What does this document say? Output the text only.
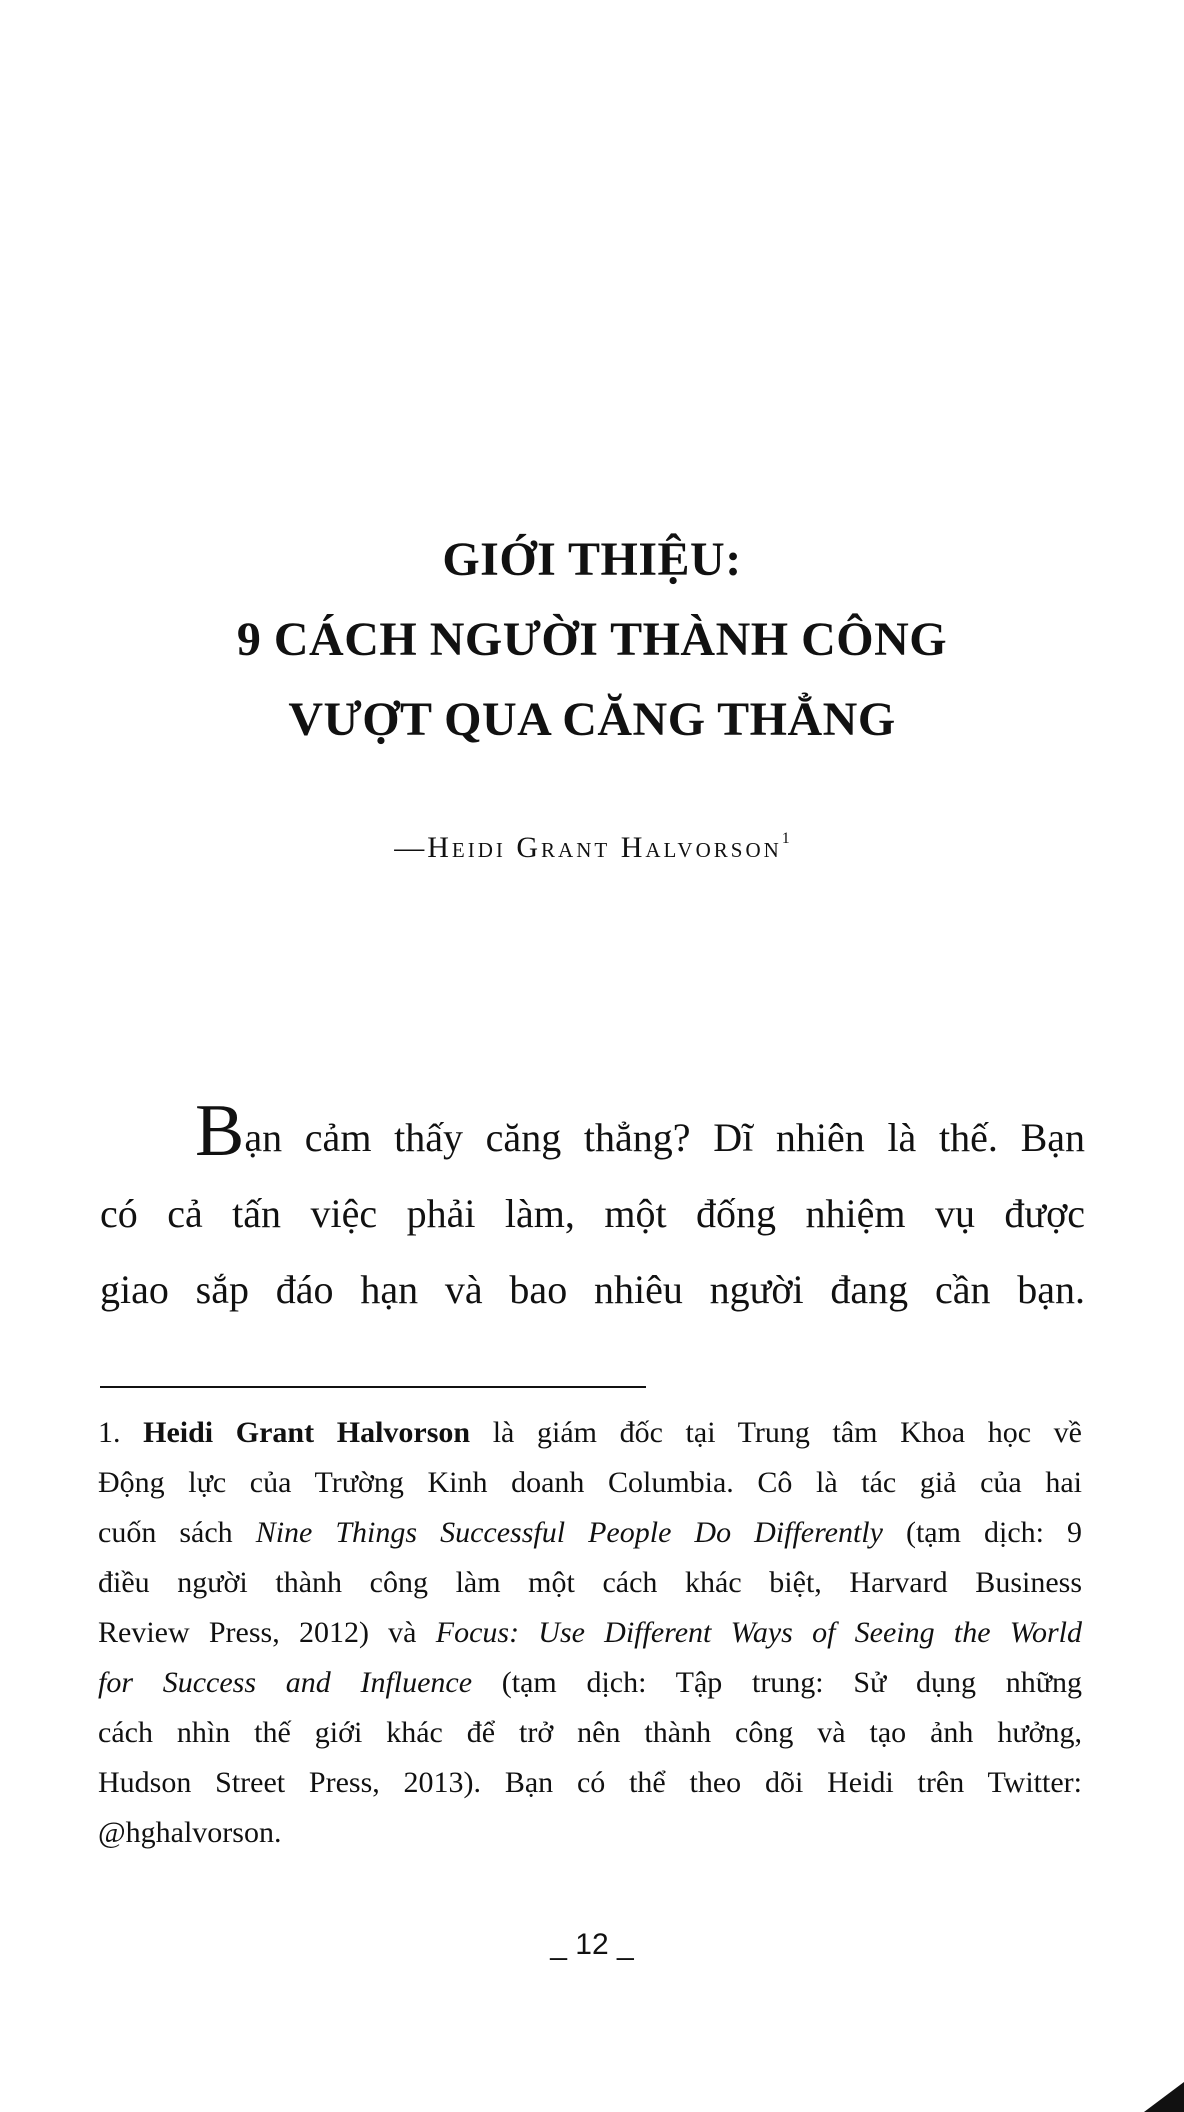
GIỚI THIỆU:
9 CÁCH NGƯỜI THÀNH CÔNG
VƯỢT QUA CĂNG THẲNG
—Heidi Grant Halvorson$^1$
Bạn cảm thấy căng thẳng? Dĩ nhiên là thế. Bạn
có cả tấn việc phải làm, một đống nhiệm vụ được
giao sắp đáo hạn và bao nhiêu người đang cần bạn.
1. Heidi Grant Halvorson là giám đốc tại Trung tâm Khoa học về
Động lực của Trường Kinh doanh Columbia. Cô là tác giả của hai
cuốn sách Nine Things Successful People Do Differently (tạm dịch: 9
điều người thành công làm một cách khác biệt, Harvard Business
Review Press, 2012) và Focus: Use Different Ways of Seeing the World
for Success and Influence (tạm dịch: Tập trung: Sử dụng những
cách nhìn thế giới khác để trở nên thành công và tạo ảnh hưởng,
Hudson Street Press, 2013). Bạn có thể theo dõi Heidi trên Twitter:
@hghalvorson.
_ 12 _
